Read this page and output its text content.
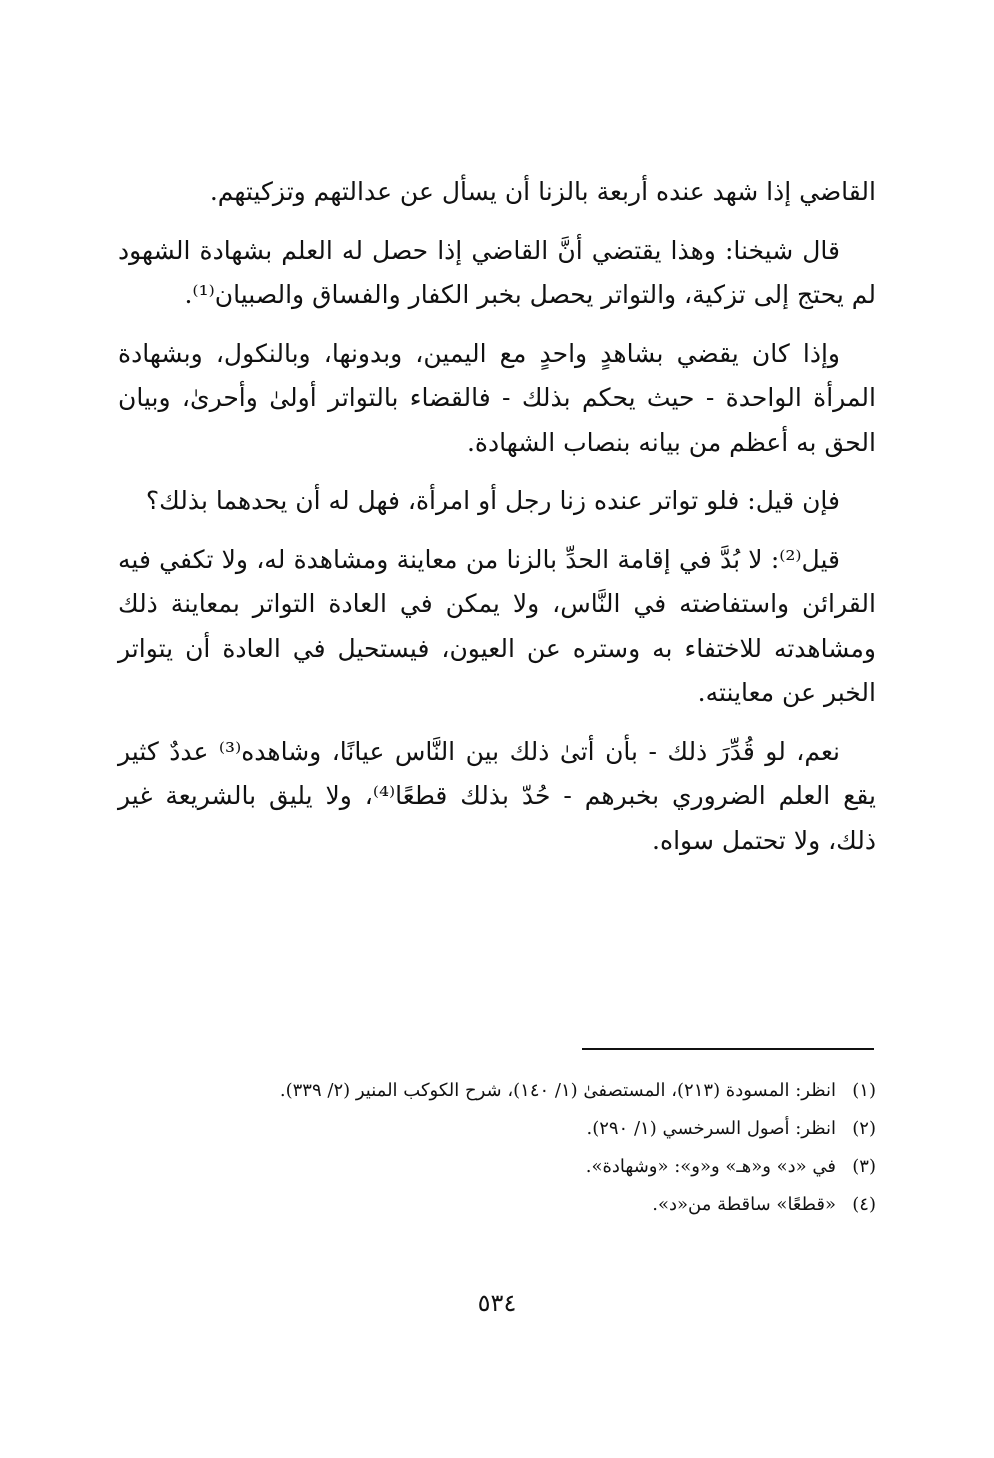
القاضي إذا شهد عنده أربعة بالزنا أن يسأل عن عدالتهم وتزكيتهم.

قال شيخنا: وهذا يقتضي أنَّ القاضي إذا حصل له العلم بشهادة الشهود لم يحتج إلى تزكية، والتواتر يحصل بخبر الكفار والفساق والصبيان⁽¹⁾.

وإذا كان يقضي بشاهدٍ واحدٍ مع اليمين، وبدونها، وبالنكول، وبشهادة المرأة الواحدة - حيث يحكم بذلك - فالقضاء بالتواتر أولىٰ وأحرىٰ، وبيان الحق به أعظم من بيانه بنصاب الشهادة.

فإن قيل: فلو تواتر عنده زنا رجل أو امرأة، فهل له أن يحدهما بذلك؟

قيل⁽²⁾: لا بُدَّ في إقامة الحدِّ بالزنا من معاينة ومشاهدة له، ولا تكفي فيه القرائن واستفاضته في النَّاس، ولا يمكن في العادة التواتر بمعاينة ذلك ومشاهدته للاختفاء به وستره عن العيون، فيستحيل في العادة أن يتواتر الخبر عن معاينته.

نعم، لو قُدِّرَ ذلك - بأن أتىٰ ذلك بين النَّاس عيانًا، وشاهده⁽³⁾ عددٌ كثير يقع العلم الضروري بخبرهم - حُدّ بذلك قطعًا⁽⁴⁾، ولا يليق بالشريعة غير ذلك، ولا تحتمل سواه.

(١)
انظر: المسودة (٢١٣)، المستصفىٰ (١/ ١٤٠)، شرح الكوكب المنير (٢/ ٣٣٩).
(٢)
انظر: أصول السرخسي (١/ ٢٩٠).
(٣)
في «د» و«هـ» و«و»: «وشهادة».
(٤)
«قطعًا» ساقطة من«د».
٥٣٤
